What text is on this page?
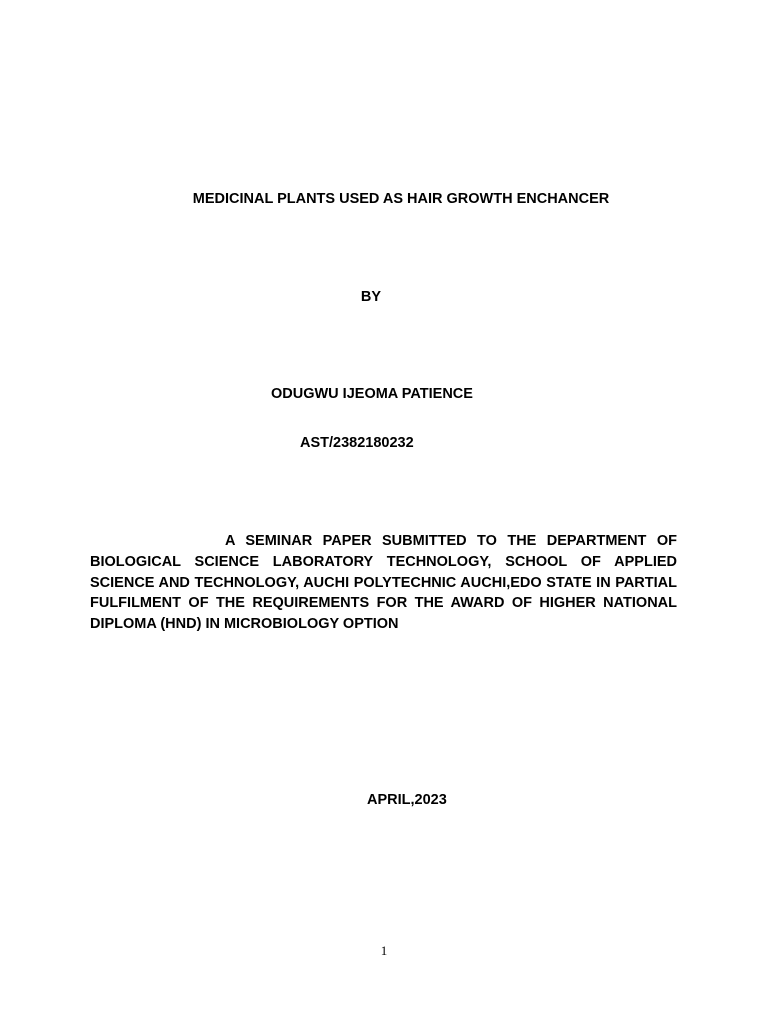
MEDICINAL PLANTS USED AS HAIR GROWTH ENCHANCER
BY
ODUGWU IJEOMA PATIENCE
AST/2382180232
A SEMINAR PAPER SUBMITTED TO THE DEPARTMENT OF BIOLOGICAL SCIENCE LABORATORY TECHNOLOGY, SCHOOL OF APPLIED SCIENCE AND TECHNOLOGY, AUCHI POLYTECHNIC AUCHI,EDO STATE IN PARTIAL FULFILMENT OF THE REQUIREMENTS FOR THE AWARD OF HIGHER NATIONAL DIPLOMA (HND) IN MICROBIOLOGY OPTION
APRIL,2023
1
